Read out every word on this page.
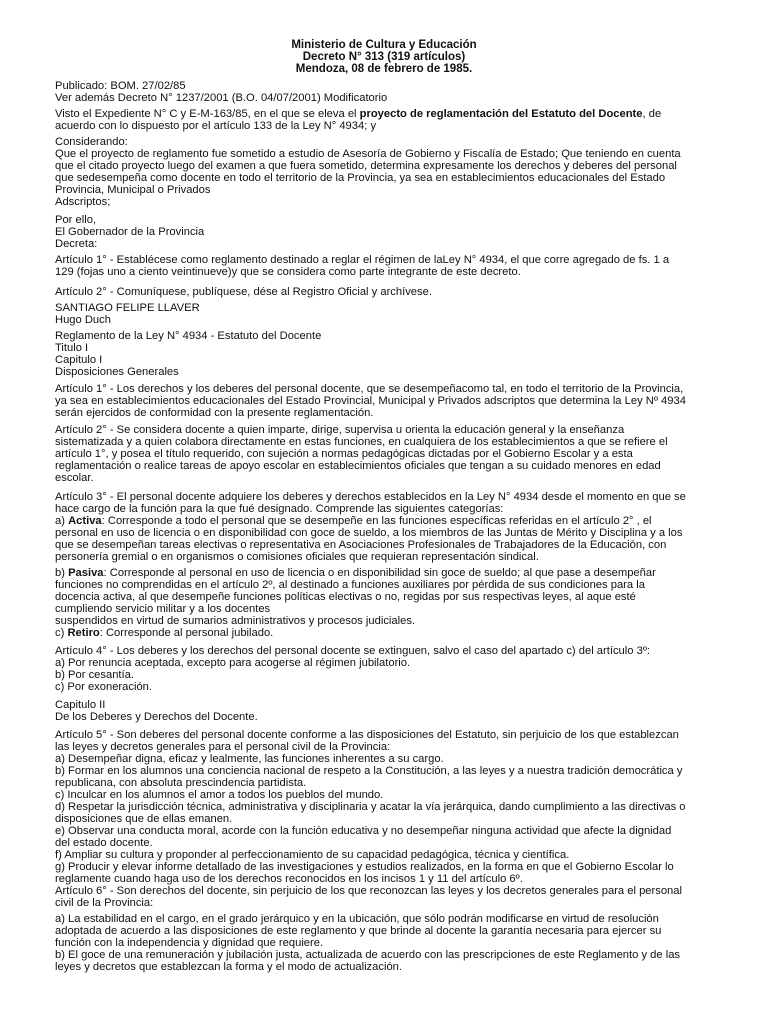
Ministerio de Cultura y Educación
Decreto N° 313 (319 artículos)
Mendoza, 08 de febrero de 1985.
Publicado: BOM. 27/02/85
Ver además Decreto N° 1237/2001 (B.O. 04/07/2001) Modificatorio
Visto el Expediente N° C y E-M-163/85, en el que se eleva el proyecto de reglamentación del Estatuto del Docente, de
acuerdo con lo dispuesto por el artículo 133 de la Ley N° 4934; y
Considerando:
Que el proyecto de reglamento fue sometido a estudio de Asesoría de Gobierno y Fiscalía de Estado; Que teniendo en cuenta
que el citado proyecto luego del examen a que fuera sometido, determina expresamente los derechos y deberes del personal
que sedesempeña como docente en todo el territorio de la Provincia, ya sea en establecimientos educacionales del Estado
Provincia, Municipal o Privados
Adscriptos;
Por ello,
El Gobernador de la Provincia
Decreta:
Artículo 1° - Establécese como reglamento destinado a reglar el régimen de laLey N° 4934, el que corre agregado de fs. 1 a
129 (fojas uno a ciento veintinueve)y que se considera como parte integrante de este decreto.
Artículo 2° - Comuníquese, publíquese, dése al Registro Oficial y archívese.
SANTIAGO FELIPE LLAVER
Hugo Duch
Reglamento de la Ley N° 4934 - Estatuto del Docente
Titulo I
Capitulo I
Disposiciones Generales
Artículo 1° - Los derechos y los deberes del personal docente, que se desempeñacomo tal, en todo el territorio de la Provincia,
ya sea en establecimientos educacionales del Estado Provincial, Municipal y Privados adscriptos que determina la Ley Nº 4934
serán ejercidos de conformidad con la presente reglamentación.
Artículo 2° - Se considera docente a quien imparte, dirige, supervisa u orienta la educación general y la enseñanza
sistematizada y a quien colabora directamente en estas funciones, en cualquiera de los establecimientos a que se refiere el
artículo 1°, y posea el título requerido, con sujeción a normas pedagógicas dictadas por el Gobierno Escolar y a esta
reglamentación o realice tareas de apoyo escolar en establecimientos oficiales que tengan a su cuidado menores en edad
escolar.
Artículo 3° - El personal docente adquiere los deberes y derechos establecidos en la Ley N° 4934 desde el momento en que se
hace cargo de la función para la que fué designado. Comprende las siguientes categorías:
a) Activa: Corresponde a todo el personal que se desempeñe en las funciones específicas referidas en el artículo 2° , el
personal en uso de licencia o en disponibilidad con goce de sueldo, a los miembros de las Juntas de Mérito y Disciplina y a los
que se desempeñan tareas electivas o representativa en Asociaciones Profesionales de Trabajadores de la Educación, con
personería gremial o en organismos o comisiones oficiales que requieran representación sindical.
b) Pasiva: Corresponde al personal en uso de licencia o en disponibilidad sin goce de sueldo; al que pase a desempeñar
funciones no comprendidas en el artículo 2º, al destinado a funciones auxiliares por pérdida de sus condiciones para la
docencia activa, al que desempeñe funciones políticas electivas o no, regidas por sus respectivas leyes, al aque esté
cumpliendo servicio militar y a los docentes
suspendidos en virtud de sumarios administrativos y procesos judiciales.
c) Retiro: Corresponde al personal jubilado.
Artículo 4° - Los deberes y los derechos del personal docente se extinguen, salvo el caso del apartado c) del artículo 3º:
a) Por renuncia aceptada, excepto para acogerse al régimen jubilatorio.
b) Por cesantía.
c) Por exoneración.
Capitulo II
De los Deberes y Derechos del Docente.
Artículo 5° - Son deberes del personal docente conforme a las disposiciones del Estatuto, sin perjuicio de los que establezcan
las leyes y decretos generales para el personal civil de la Provincia:
a) Desempeñar digna, eficaz y lealmente, las funciones inherentes a su cargo.
b) Formar en los alumnos una conciencia nacional de respeto a la Constitución, a las leyes y a nuestra tradición democrática y
republicana, con absoluta prescindencia partidista.
c) Inculcar en los alumnos el amor a todos los pueblos del mundo.
d) Respetar la jurisdicción técnica, administrativa y disciplinaria y acatar la vía jerárquica, dando cumplimiento a las directivas o
disposiciones que de ellas emanen.
e) Observar una conducta moral, acorde con la función educativa y no desempeñar ninguna actividad que afecte la dignidad
del estado docente.
f) Ampliar su cultura y proponder al perfeccionamiento de su capacidad pedagógica, técnica y científica.
g) Producir y elevar informe detallado de las investigaciones y estudios realizados, en la forma en que el Gobierno Escolar lo
reglamente cuando haga uso de los derechos reconocidos en los incisos 1 y 11 del artículo 6º.
Artículo 6° - Son derechos del docente, sin perjuicio de los que reconozcan las leyes y los decretos generales para el personal
civil de la Provincia:
a) La estabilidad en el cargo, en el grado jerárquico y en la ubicación, que sólo podrán modificarse en virtud de resolución
adoptada de acuerdo a las disposiciones de este reglamento y que brinde al docente la garantía necesaria para ejercer su
función con la independencia y dignidad que requiere.
b) El goce de una remuneración y jubilación justa, actualizada de acuerdo con las prescripciones de este Reglamento y de las
leyes y decretos que establezcan la forma y el modo de actualización.
